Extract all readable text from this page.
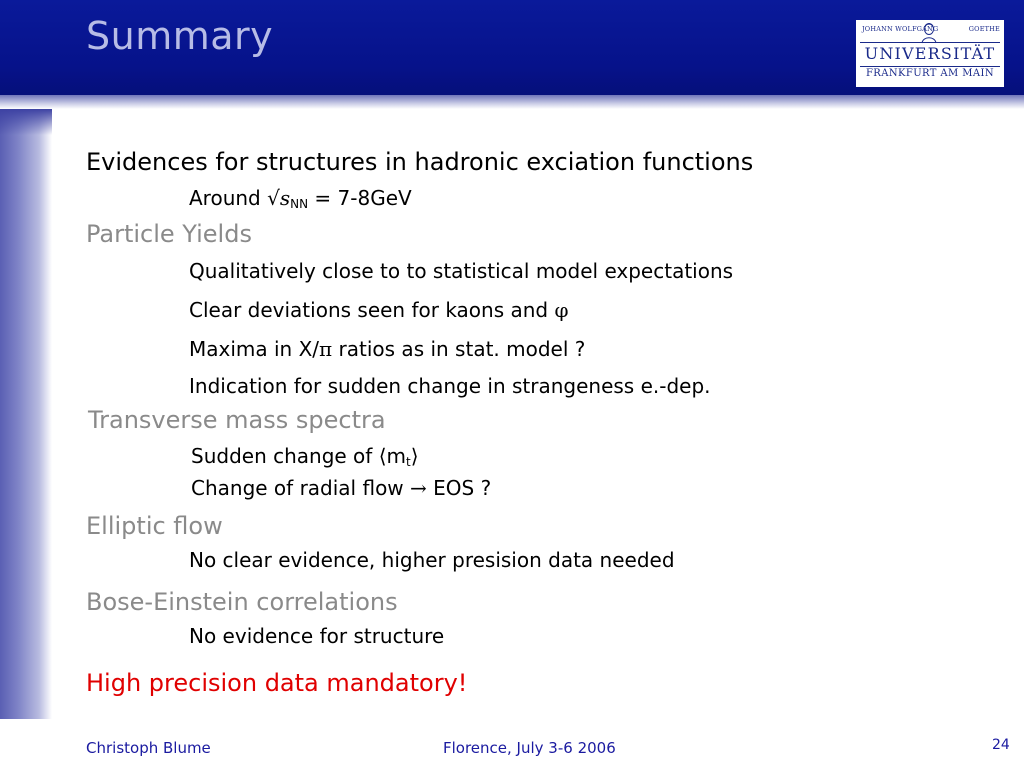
Summary	JOHANN WOLFGANG	GOETHE
UNIVERSITÄT
FRANKFURT AM MAIN
Evidences for structures in hadronic exciation functions
Around $√s_{NN} = 7-8GeV$
Particle Yields
Qualitatively close to to statistical model expectations
Clear deviations seen for kaons and φ
Maxima in X/π ratios as in stat. model ?
Indication for sudden change in strangeness e.-dep.
Transverse mass spectra
Sudden change of $⟨m_t⟩$
Change of radial flow → EOS ?
Elliptic flow
No clear evidence, higher presision data needed
Bose-Einstein correlations
No evidence for structure
High precision data mandatory!
Christoph Blume	Florence, July 3-6 2006	24
